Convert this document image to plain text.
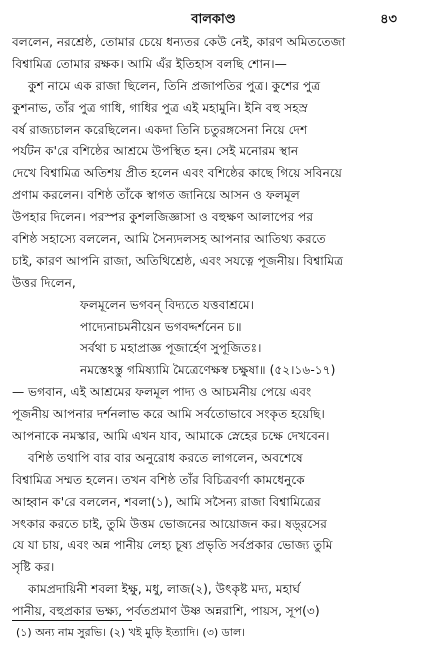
বালকাণ্ড	৪৩
বললেন, নরশ্রেষ্ঠ, তোমার চেয়ে ধন্যতর কেউ নেই, কারণ অমিততেজা
বিশ্বামিত্র তোমার রক্ষক। আমি এঁর ইতিহাস বলছি শোন।—
কুশ নামে এক রাজা ছিলেন, তিনি প্রজাপতির পুত্র। কুশের পুত্র
কুশনাভ, তাঁর পুত্র গাধি, গাধির পুত্র এই মহামুনি। ইনি বহু সহস্র
বর্ষ রাজ্যচালন করেছিলেন। একদা তিনি চতুরঙ্গসেনা নিয়ে দেশ
পর্যটন ক'রে বশিষ্ঠের আশ্রমে উপস্থিত হন। সেই মনোরম স্থান
দেখে বিশ্বামিত্র অতিশয় প্রীত হলেন এবং বশিষ্ঠের কাছে গিয়ে সবিনয়ে
প্রণাম করলেন। বশিষ্ঠ তাঁকে স্বাগত জানিয়ে আসন ও ফলমূল
উপহার দিলেন। পরস্পর কুশলজিজ্ঞাসা ও বহুক্ষণ আলাপের পর
বশিষ্ঠ সহাস্যে বললেন, আমি সৈন্যদলসহ আপনার আতিথ্য করতে
চাই, কারণ আপনি রাজা, অতিথিশ্রেষ্ঠ, এবং সযত্নে পূজনীয়। বিশ্বামিত্র
উত্তর দিলেন,
ফলমূলেন ভগবন্ বিদ্যতে যত্তবাশ্রমে।
পাদ্যেনাচমনীয়েন ভগবদ্দর্শনেন চ॥
সর্বথা চ মহাপ্রাজ্ঞ পূজার্হেণ সুপূজিতঃ।
নমস্তেঽস্তু গমিষ্যামি মৈত্রেণেক্ষস্ব চক্ষুষা॥ (৫২।১৬-১৭)
— ভগবান, এই আশ্রমের ফলমূল পাদ্য ও আচমনীয় পেয়ে এবং
পূজনীয় আপনার দর্শনলাভ করে আমি সর্বতোভাবে সংকৃত হয়েছি।
আপনাকে নমস্কার, আমি এখন যাব, আমাকে স্নেহের চক্ষে দেখবেন।
বশিষ্ঠ তথাপি বার বার অনুরোধ করতে লাগলেন, অবশেষে
বিশ্বামিত্র সম্মত হলেন। তখন বশিষ্ঠ তাঁর বিচিত্রবর্ণা কামধেনুকে
আহ্বান ক'রে বললেন, শবলা(১), আমি সসৈন্য রাজা বিশ্বামিত্রের
সৎকার করতে চাই, তুমি উত্তম ভোজনের আয়োজন কর। ষড়্‌রসের
যে যা চায়, এবং অন্ন পানীয় লেহ্য চূষ্য প্রভৃতি সর্বপ্রকার ভোজ্য তুমি
সৃষ্টি কর।
কামপ্রদায়িনী শবলা ইক্ষু, মধু, লাজ(২), উৎকৃষ্ট মদ্য, মহার্ঘ
পানীয়, বহুপ্রকার ভক্ষ্য, পর্বতপ্রমাণ উষ্ণ অন্নরাশি, পায়স, সূপ(৩)
(১) অন্য নাম সুরভি। (২) খই মুড়ি ইত্যাদি। (৩) ডাল।
